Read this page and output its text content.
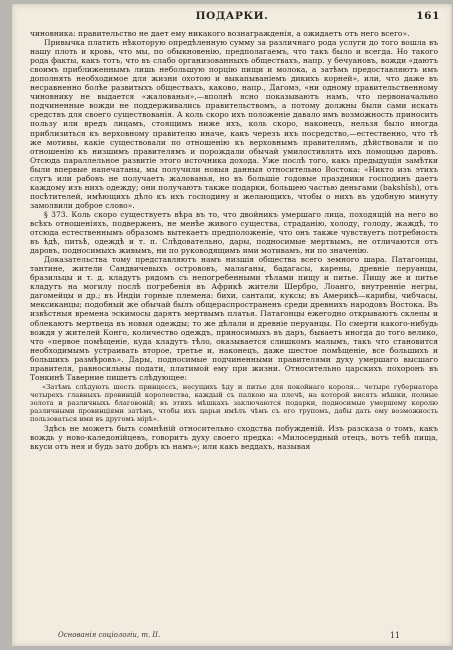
ПОДАРКИ.	161

чиновника: правительство не дает ему никакого вознагражденія, а ожидаетъ отъ него всего».

Привычка платить нѣкоторую опредѣленную сумму за различнаго рода услуги до того вошла въ нашу плоть и кровь, что мы, по обыкновенію, предполагаемъ, что такъ было и всегда. Но такого рода факты, какъ тотъ, что въ слабо организованныхъ обществахъ, напр. у бечуановъ, вожди «даютъ своимъ приближеннымъ лишь небольшую порцію пищи и молока, а затѣмъ предоставляютъ имъ дополнять необходимое для жизни охотою и выкапываніемъ дикихъ корней», или, что даже въ несравненно болѣе развитыхъ обществахъ, каково, напр., Дагомэ, «ни одному правительственному чиновнику не выдается «жалованья»,—вполнѣ ясно показываютъ намъ, что первоначально подчиненные вожди не поддерживались правительствомъ, а потому должны были сами искать средствъ для своего существованія. А коль скоро ихъ положеніе давало имъ возможность приносить пользу или вредъ лицамъ, стоящимъ ниже ихъ, коль скоро, наконецъ, нельзя было иногда приблизиться къ верховному правителю иначе, какъ черезъ ихъ посредство,—естественно, что тѣ же мотивы, какіе существовали по отношенію къ верховнымъ правителямъ, дѣйствовали и по отношенію къ низшимъ правителямъ и порождали обычай умилостивлять ихъ помощью даровъ. Отсюда параллельное развитіе этого источника дохода. Уже послѣ того, какъ предыдущія замѣтки были впервые напечатаны, мы получили новыя данныя относительно Востока: «Никто изъ этихъ слугъ или рабовъ не получаетъ жалованья, но въ большіе годовые праздники господинъ даетъ каждому изъ нихъ одежду; они получаютъ также подарки, большею частью деньгами (bakshîsh), отъ посѣтителей, имѣющихъ дѣло къ ихъ господину и желающихъ, чтобы о нихъ въ удобную минуту замолвили доброе слово».

§ 373. Коль скоро существуетъ вѣра въ то, что двойникъ умершаго лица, походящій на него во всѣхъ отношеніяхъ, подверженъ, не менѣе живого существа, страданію, холоду, голоду, жаждѣ, то отсюда естественнымъ образомъ вытекаетъ предположеніе, что онъ также чувствуетъ потребность въ ѣдѣ, питьѣ, одеждѣ и т. п. Слѣдовательно, дары, подносимые мертвымъ, не отличаются отъ даровъ, подносимыхъ живымъ, ни по руководящимъ ими мотивамъ, ни по значенію.

Доказательства тому представляютъ намъ низшія общества всего земного шара. Патагонцы, тантине, жители Сандвичевыхъ острововъ, малаганы, бадагасы, карены, древніе перуанцы, бразильцы и т. д. кладутъ рядомъ съ непогребенными тѣлами пищу и питье. Пищу же и питье кладутъ на могилу послѣ погребенія въ Африкѣ жители Шербро, Лоанго, внутренніе негры, дагомейцы и др.; въ Индіи горные племена: бихи, сантали, куксы; въ Америкѣ—карибы, чибчасы, мексиканцы; подобный же обычай былъ общераспространенъ среди древнихъ народовъ Востока. Въ извѣстныя времена эскимосы дарятъ мертвымъ платья. Патагонцы ежегодно открываютъ склепы и облекаютъ мертвеца въ новыя одежды; то же дѣлали и древніе перуанцы. По смерти какого-нибудь вождя у жителей Конго, количество одеждъ, приносимыхъ въ даръ, бываетъ иногда до того велико, что «первое помѣщеніе, куда кладутъ тѣло, оказывается слишкомъ малымъ, такъ что становится необходимымъ устраивать второе, третье и, наконецъ, даже шестое помѣщеніе, все большихъ и большихъ размѣровъ». Дары, подносимые подчиненными правителями духу умершаго высшаго правителя, равносильны подати, платимой ему при жизни. Относительно царскихъ похоронъ въ Тонкинѣ Таверние пишетъ слѣдующее:

«Затѣмъ слѣдуютъ шесть принцессъ, несущихъ ѣду и питье для покойнаго короля... четыре губернатора четырехъ главныхъ провинцій королевства, каждый съ палкою на плечѣ, на которой висятъ мѣшки, полные золота и различныхъ благовоній; въ этихъ мѣшкахъ заключаются подарки, подносимые умершему королю различными провинціями затѣмъ, чтобы ихъ царьи имѣлъ чѣмъ съ его трупомъ, дабы дать ему возможность пользоваться ими въ другомъ мірѣ».

Здѣсь не можетъ быть сомнѣній относительно сходства побужденій. Изъ разсказа о томъ, какъ вождь у ново-каледонійцевъ, говоритъ духу своего предка: «Милосердный отецъ, вотъ тебѣ пища, вкуси отъ нея и будь зато добръ къ намъ»; или какъ веддахъ, называя

Основанія соціологіи, т. II.	11
